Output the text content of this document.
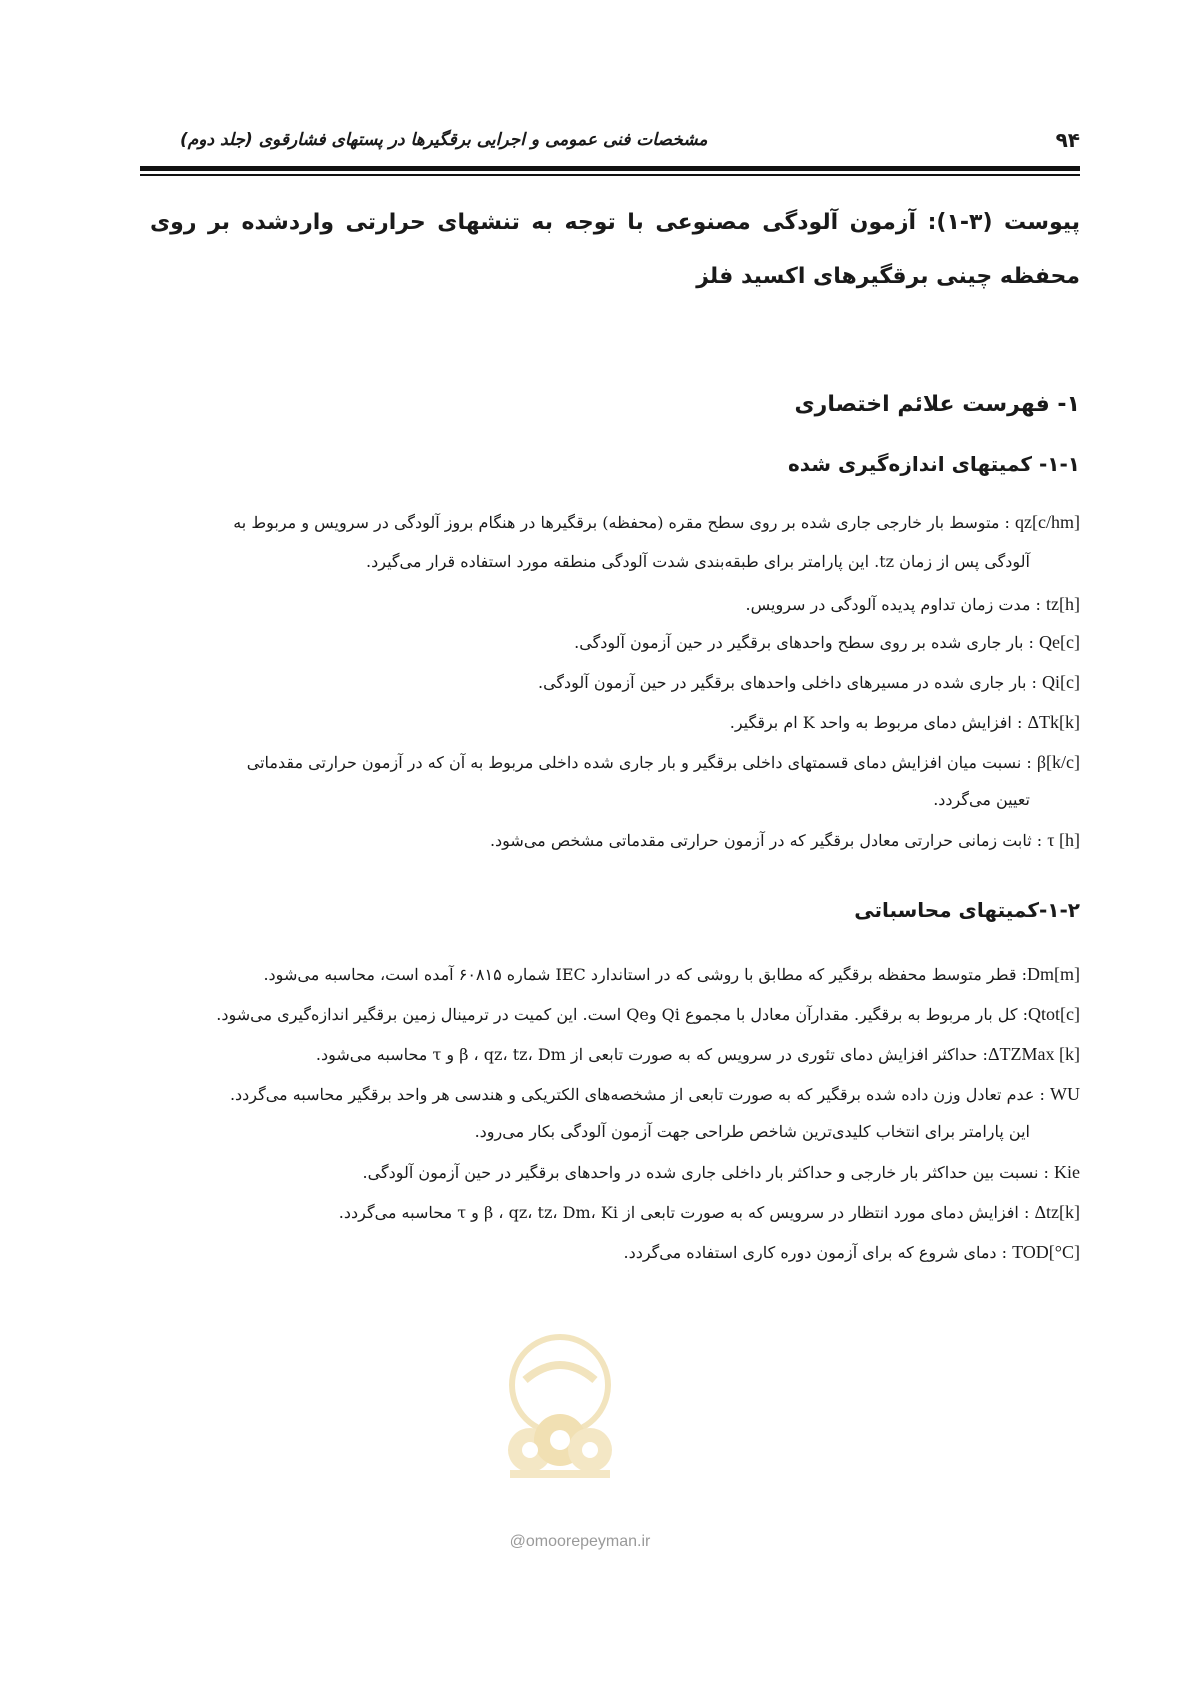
۹۴
مشخصات فنی عمومی و اجرایی برقگیرها در پستهای فشارقوی (جلد دوم)
پیوست (۳-۱): آزمون آلودگی مصنوعی با توجه به تنشهای حرارتی واردشده بر روی محفظه چینی برقگیرهای اکسید فلز
۱- فهرست علائم اختصاری
۱-۱- کمیتهای اندازه‌گیری شده
qz[c/hm] : متوسط بار خارجی جاری شده بر روی سطح مقره (محفظه) برقگیرها در هنگام بروز آلودگی در سرویس و مربوط به
آلودگی پس از زمان tz. این پارامتر برای طبقه‌بندی شدت آلودگی منطقه مورد استفاده قرار می‌گیرد.
tz[h] : مدت زمان تداوم پدیده آلودگی در سرویس.
Qe[c] : بار جاری شده بر روی سطح واحدهای برقگیر در حین آزمون آلودگی.
Qi[c] : بار جاری شده در مسیرهای داخلی واحدهای برقگیر در حین آزمون آلودگی.
ΔTk[k] : افزایش دمای مربوط به واحد K ام برقگیر.
β[k/c] : نسبت میان افزایش دمای قسمتهای داخلی برقگیر و بار جاری شده داخلی مربوط به آن که در آزمون حرارتی مقدماتی
تعیین می‌گردد.
τ [h] : ثابت زمانی حرارتی معادل برقگیر که در آزمون حرارتی مقدماتی مشخص می‌شود.
۱-۲-کمیتهای محاسباتی
Dm[m]: قطر متوسط محفظه برقگیر که مطابق با روشی که در استاندارد IEC شماره ۶۰۸۱۵ آمده است، محاسبه می‌شود.
Qtot[c]: کل بار مربوط به برقگیر. مقدارآن معادل با مجموع Qi وQe است. این کمیت در ترمینال زمین برقگیر اندازه‌گیری می‌شود.
ΔTZMax [k]: حداکثر افزایش دمای تئوری در سرویس که به صورت تابعی از β ، qz، tz، Dm و τ محاسبه می‌شود.
WU : عدم تعادل وزن داده شده برقگیر که به صورت تابعی از مشخصه‌های الکتریکی و هندسی هر واحد برقگیر محاسبه می‌گردد.
این پارامتر برای انتخاب کلیدی‌ترین شاخص طراحی جهت آزمون آلودگی بکار می‌رود.
Kie : نسبت بین حداکثر بار خارجی و حداکثر بار داخلی جاری شده در واحدهای برقگیر در حین آزمون آلودگی.
Δtz[k] : افزایش دمای مورد انتظار در سرویس که به صورت تابعی از β ، qz، tz، Dm، Ki و τ محاسبه می‌گردد.
TOD[°C] : دمای شروع که برای آزمون دوره کاری استفاده می‌گردد.
@omoorepeyman.ir
